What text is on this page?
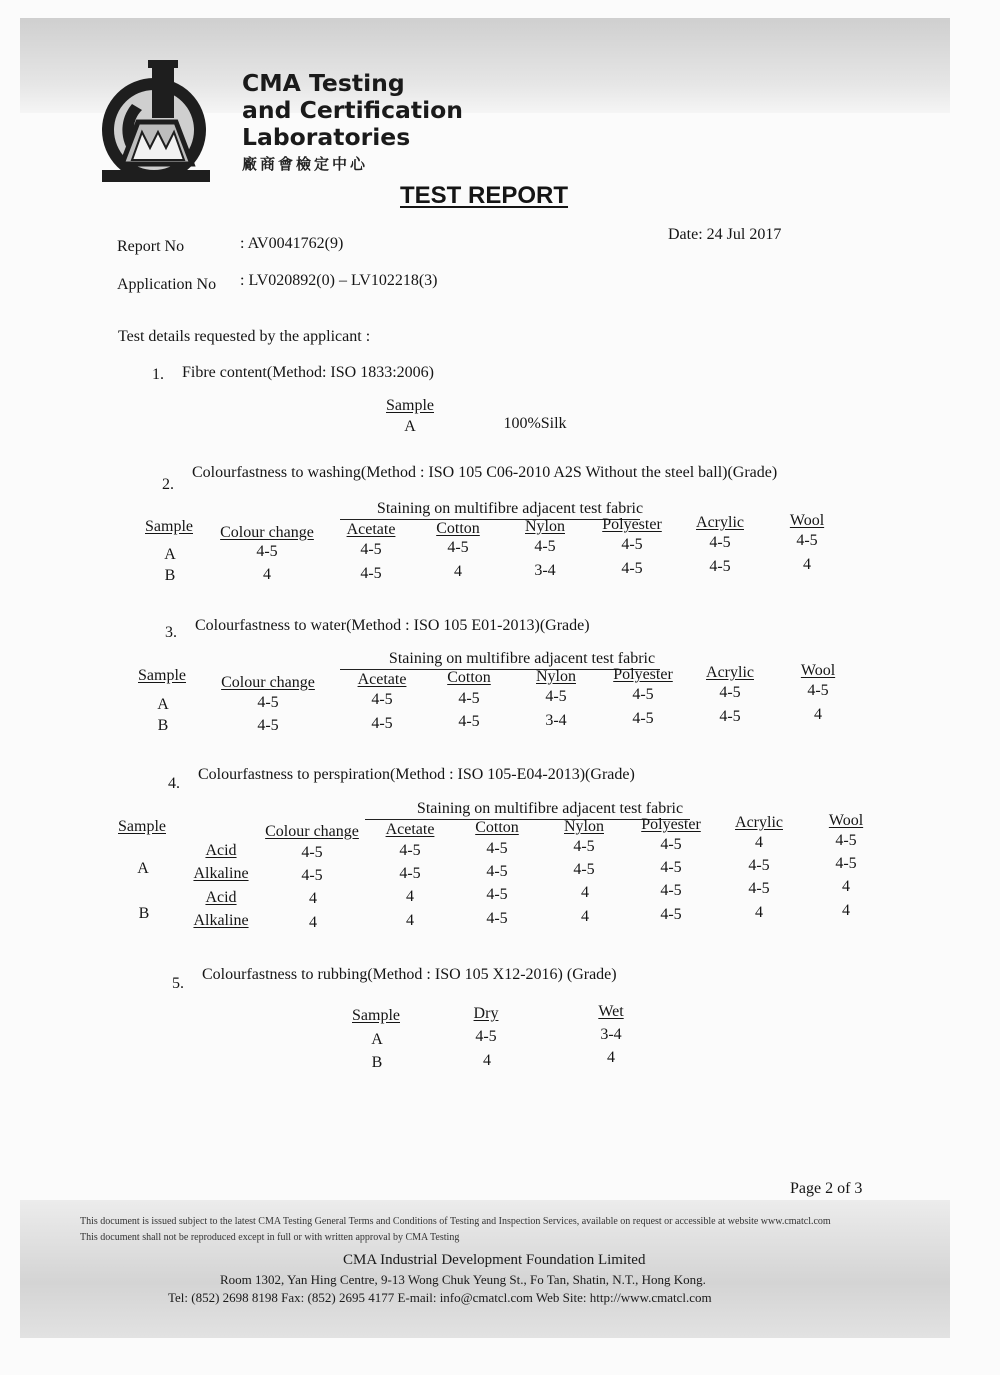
CMA Testing
and Certification
Laboratories
廠商會檢定中心
TEST REPORT
Date: 24 Jul 2017
Report No	: AV0041762(9)
Application No : LV020892(0) – LV102218(3)
Test details requested by the applicant :
1. Fibre content(Method: ISO 1833:2006)
Sample
A	100%Silk
2.
Colourfastness to washing(Method : ISO 105 C06-2010 A2S Without the steel ball)(Grade)
Staining on multifibre adjacent test fabric
Sample Colour change Acetate	Cotton	Nylon Polyester Acrylic	Wool
A	4-5	4-5	4-5	4-5	4-5	4-5	4-5
B	4	4-5	4	3-4	4-5	4-5	4
3. Colourfastness to water(Method : ISO 105 E01-2013)(Grade)
Staining on multifibre adjacent test fabric
Sample Colour change	Acetate	Cotton	Nylon Polyester Acrylic	Wool
A	4-5	4-5	4-5	4-5	4-5	4-5	4-5
B	4-5	4-5	4-5	3-4	4-5	4-5	4
4.
Colourfastness to perspiration(Method : ISO 105-E04-2013)(Grade)
Staining on multifibre adjacent test fabric
Sample	Colour change Acetate	Cotton	Nylon Polyester Acrylic	Wool
A
Acid	4-5	4-5	4-5	4-5	4-5	4	4-5
Alkaline	4-5	4-5	4-5	4-5	4-5	4-5	4-5
B
Acid	4	4	4-5	4	4-5	4-5	4
Alkaline	4	4	4-5	4	4-5	4	4
5.
Colourfastness to rubbing(Method : ISO 105 X12-2016) (Grade)
Sample	Dry	Wet
A	4-5	3-4
B	4	4
Page 2 of 3
This document is issued subject to the latest CMA Testing General Terms and Conditions of Testing and Inspection Services, available on request or accessible at website www.cmatcl.com
This document shall not be reproduced except in full or with written approval by CMA Testing
CMA Industrial Development Foundation Limited
Room 1302, Yan Hing Centre, 9-13 Wong Chuk Yeung St., Fo Tan, Shatin, N.T., Hong Kong.
Tel: (852) 2698 8198 Fax: (852) 2695 4177 E-mail: info@cmatcl.com Web Site: http://www.cmatcl.com
